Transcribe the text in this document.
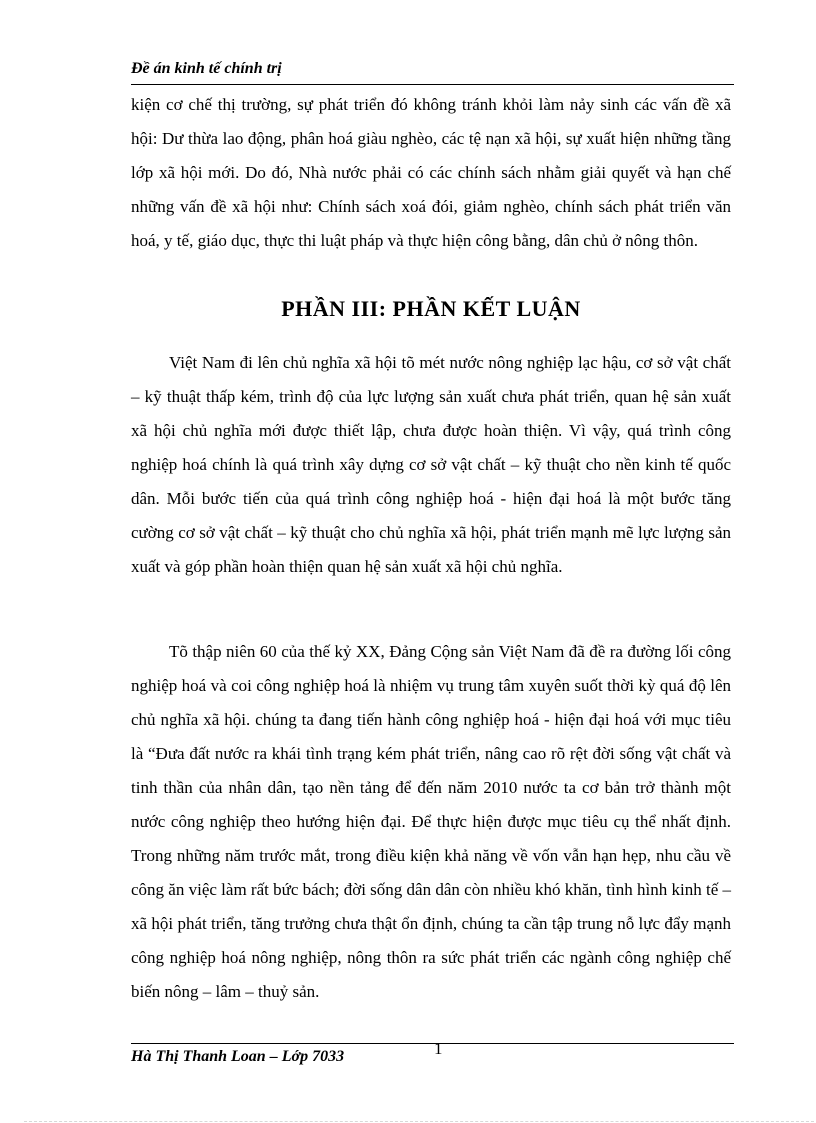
Đề án kinh tế chính trị

kiện cơ chế thị trường, sự phát triển đó không tránh khỏi làm nảy sinh các vấn đề xã hội: Dư thừa lao động, phân hoá giàu nghèo, các tệ nạn xã hội, sự xuất hiện những tầng lớp xã hội mới. Do đó, Nhà nước phải có các chính sách nhằm giải quyết và hạn chế những vấn đề xã hội như: Chính sách xoá đói, giảm nghèo, chính sách phát triển văn hoá, y tế, giáo dục, thực thi luật pháp và thực hiện công bằng, dân chủ ở nông thôn.

PHẦN III: PHẦN KẾT LUẬN

Việt Nam đi lên chủ nghĩa xã hội tõ mét nước nông nghiệp lạc hậu, cơ sở vật chất – kỹ thuật thấp kém, trình độ của lực lượng sản xuất chưa phát triển, quan hệ sản xuất xã hội chủ nghĩa mới được thiết lập, chưa được hoàn thiện. Vì vậy, quá trình công nghiệp hoá chính là quá trình xây dựng cơ sở vật chất – kỹ thuật cho nền kinh tế quốc dân. Mỗi bước tiến của quá trình công nghiệp hoá - hiện đại hoá là một bước tăng cường cơ sở vật chất – kỹ thuật cho chủ nghĩa xã hội, phát triển mạnh mẽ lực lượng sản xuất và góp phần hoàn thiện quan hệ sản xuất xã hội chủ nghĩa.

Tõ thập niên 60 của thế kỷ XX, Đảng Cộng sản Việt Nam đã đề ra đường lối công nghiệp hoá và coi công nghiệp hoá là nhiệm vụ trung tâm xuyên suốt thời kỳ quá độ lên chủ nghĩa xã hội. chúng ta đang tiến hành công nghiệp hoá - hiện đại hoá với mục tiêu là “Đưa đất nước ra khái tình trạng kém phát triển, nâng cao rõ rệt đời sống vật chất và tinh thần của nhân dân, tạo nền tảng để đến năm 2010 nước ta cơ bản trở thành một nước công nghiệp theo hướng hiện đại. Để thực hiện được mục tiêu cụ thể nhất định. Trong những năm trước mắt, trong điều kiện khả năng về vốn vẫn hạn hẹp, nhu cầu về công ăn việc làm rất bức bách; đời sống dân dân còn nhiều khó khăn, tình hình kinh tế – xã hội phát triển, tăng trưởng chưa thật ổn định, chúng ta cần tập trung nỗ lực đẩy mạnh công nghiệp hoá nông nghiệp, nông thôn ra sức phát triển các ngành công nghiệp chế biến nông – lâm – thuỷ sản.

Hà Thị Thanh Loan – Lớp 7033	1
